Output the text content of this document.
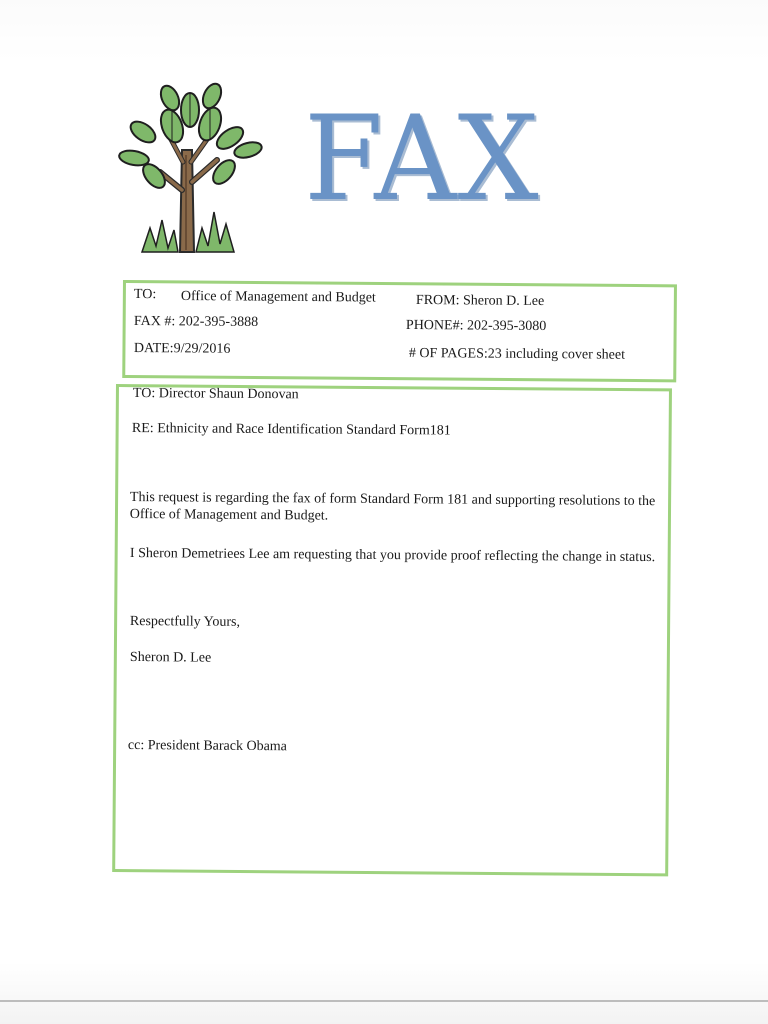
FAX
TO: Office of Management and Budget	FROM: Sheron D. Lee
FAX #: 202-395-3888	PHONE#: 202-395-3080
DATE:9/29/2016	# OF PAGES:23 including cover sheet
TO: Director Shaun Donovan
RE: Ethnicity and Race Identification Standard Form181
This request is regarding the fax of form Standard Form 181 and supporting resolutions to the Office of Management and Budget.
I Sheron Demetriees Lee am requesting that you provide proof reflecting the change in status.
Respectfully Yours,
Sheron D. Lee
cc: President Barack Obama
